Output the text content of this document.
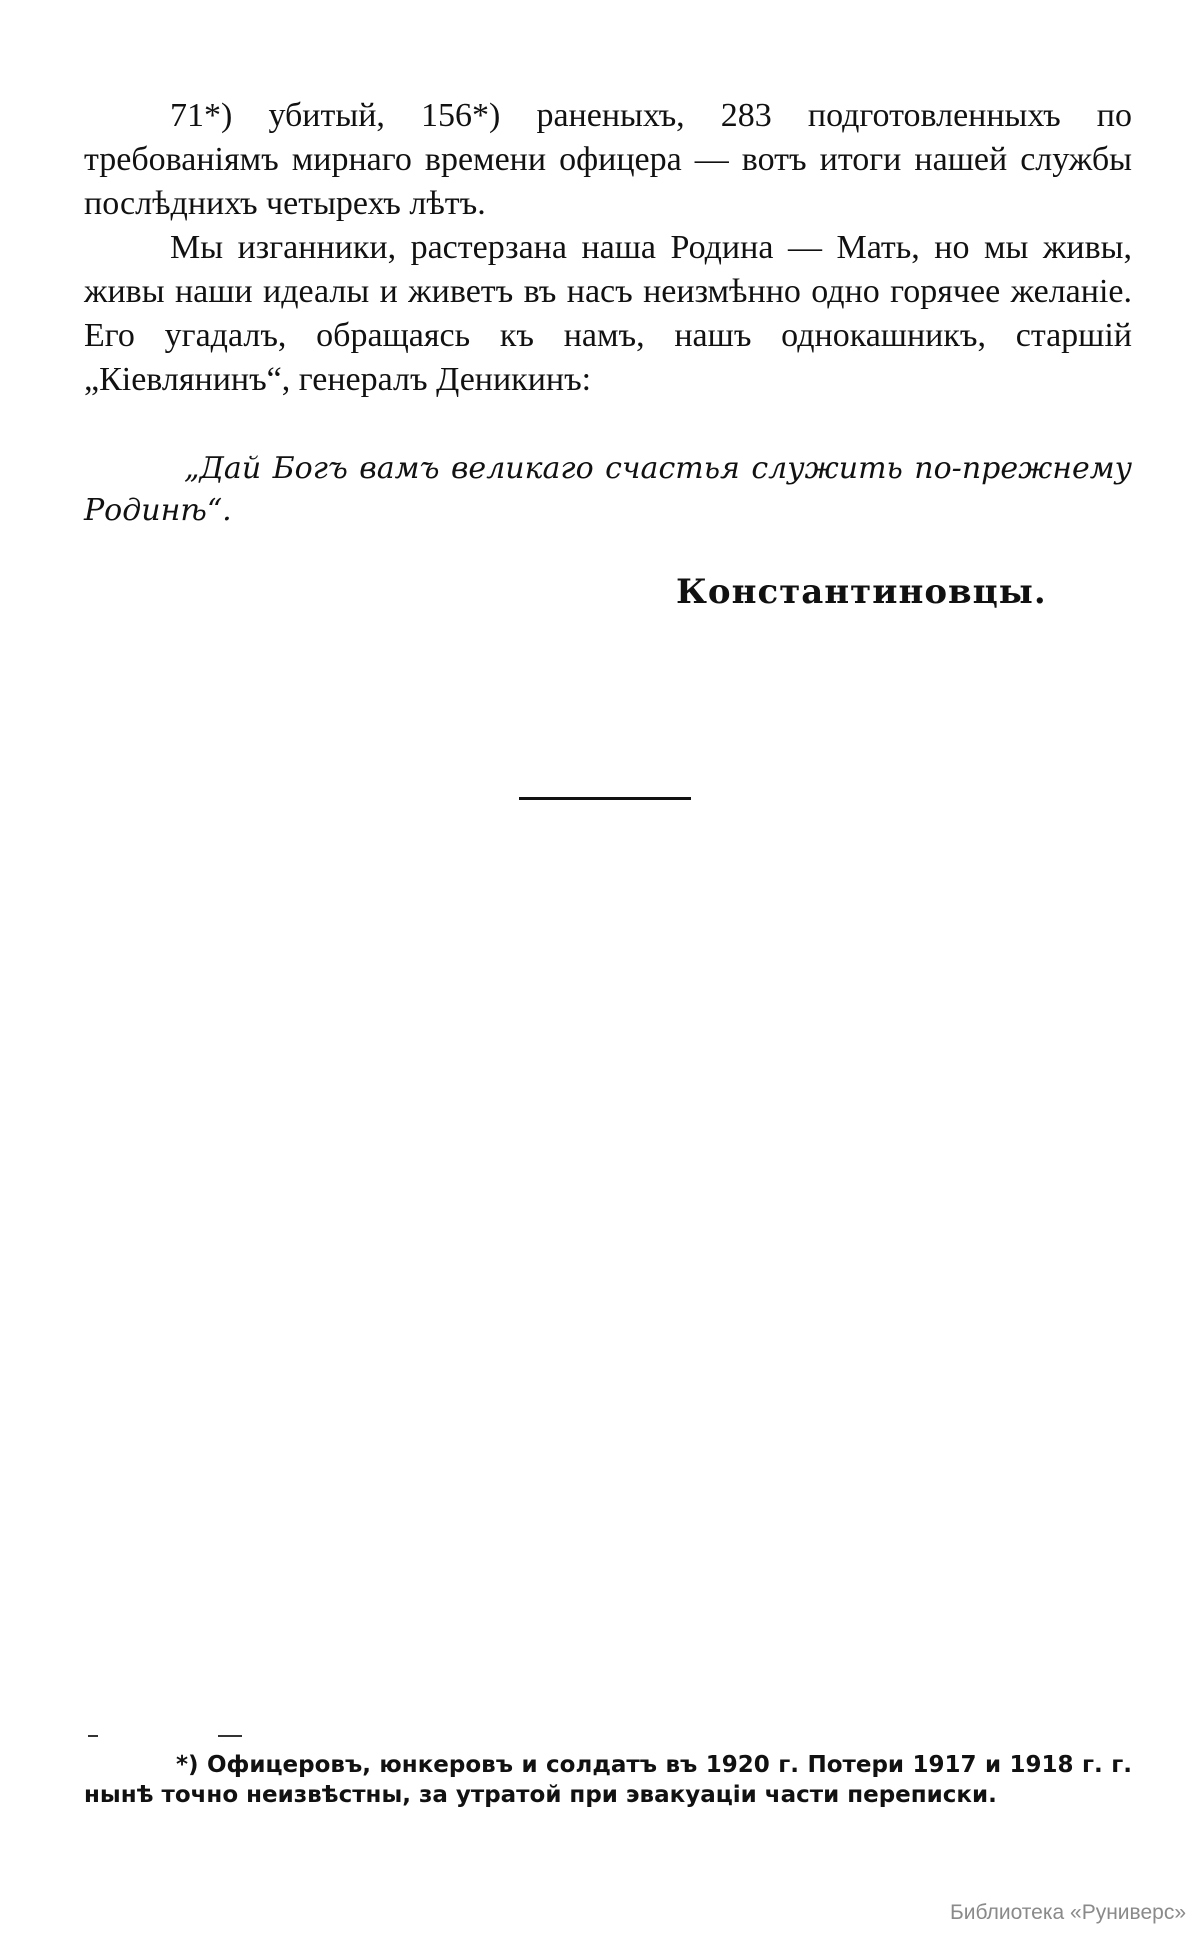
71*) убитый, 156*) раненыхъ, 283 подготовленныхъ по требованіямъ мирнаго времени офицера — вотъ итоги нашей службы послѣднихъ четырехъ лѣтъ.

Мы изганники, растерзана наша Родина — Мать, но мы живы, живы наши идеалы и живетъ въ насъ неизмѣнно одно горячее желаніе. Его угадалъ, обращаясь къ намъ, нашъ однокашникъ, старшій „Кіевлянинъ“, генералъ Деникинъ:

„Дай Богъ вамъ великаго счастья служить по-прежнему Родинѣ“.

Константиновцы.

*) Офицеровъ, юнкеровъ и солдатъ въ 1920 г. Потери 1917 и 1918 г. г. нынѣ точно неизвѣстны, за утратой при эвакуаціи части переписки.

Библиотека «Руниверс»
